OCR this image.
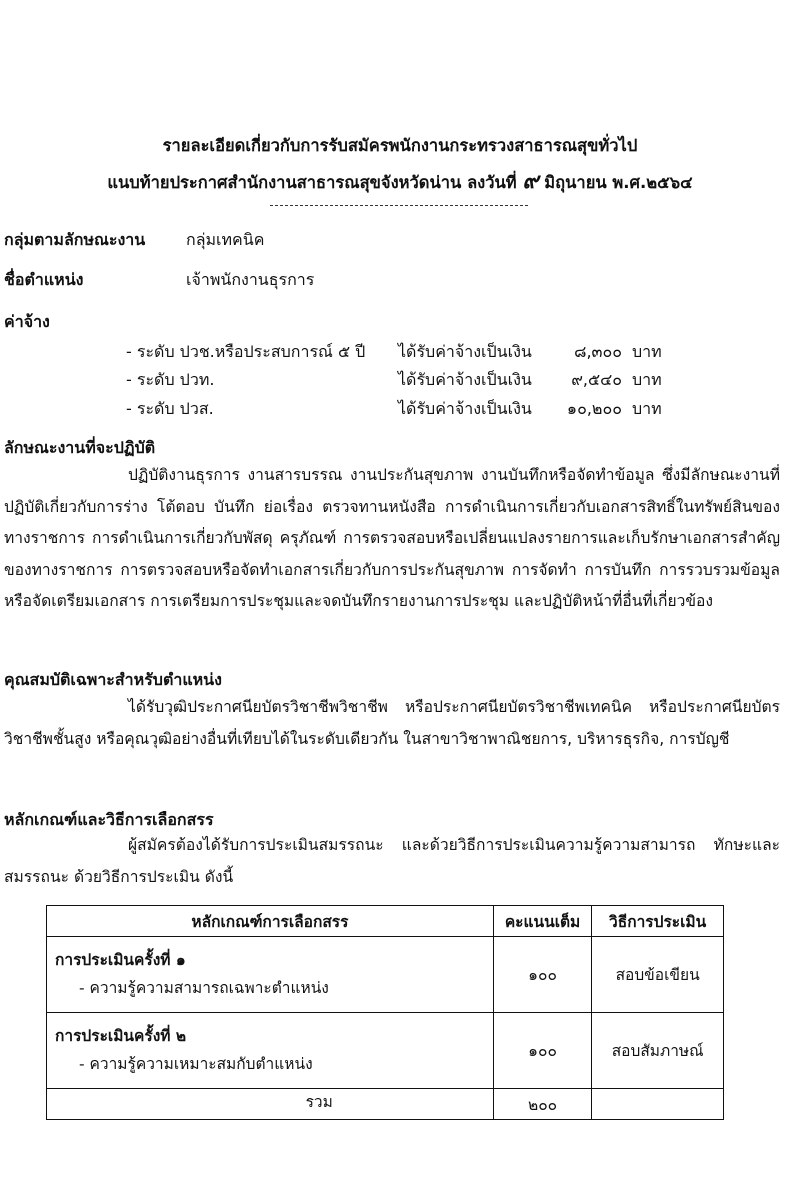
รายละเอียดเกี่ยวกับการรับสมัครพนักงานกระทรวงสาธารณสุขทั่วไป
แนบท้ายประกาศสำนักงานสาธารณสุขจังหวัดน่าน ลงวันที่ ๙ มิถุนายน พ.ศ.๒๕๖๔
กลุ่มตามลักษณะงาน	กลุ่มเทคนิค
ชื่อตำแหน่ง	เจ้าพนักงานธุรการ
ค่าจ้าง
- ระดับ ปวช.หรือประสบการณ์ ๕ ปี ได้รับค่าจ้างเป็นเงิน	๘,๓๐๐ บาท
- ระดับ ปวท.	ได้รับค่าจ้างเป็นเงิน	๙,๕๔๐ บาท
- ระดับ ปวส.	ได้รับค่าจ้างเป็นเงิน	๑๐,๒๐๐ บาท
ลักษณะงานที่จะปฏิบัติ

ปฏิบัติงานธุรการ งานสารบรรณ งานประกันสุขภาพ งานบันทึกหรือจัดทำข้อมูล ซึ่งมีลักษณะงานที่ปฏิบัติเกี่ยวกับการร่าง โต้ตอบ บันทึก ย่อเรื่อง ตรวจทานหนังสือ การดำเนินการเกี่ยวกับเอกสารสิทธิ์ในทรัพย์สินของทางราชการ การดำเนินการเกี่ยวกับพัสดุ ครุภัณฑ์ การตรวจสอบหรือเปลี่ยนแปลงรายการและเก็บรักษาเอกสารสำคัญของทางราชการ การตรวจสอบหรือจัดทำเอกสารเกี่ยวกับการประกันสุขภาพ การจัดทำ การบันทึก การรวบรวมข้อมูลหรือจัดเตรียมเอกสาร การเตรียมการประชุมและจดบันทึกรายงานการประชุม และปฏิบัติหน้าที่อื่นที่เกี่ยวข้อง

คุณสมบัติเฉพาะสำหรับตำแหน่ง

ได้รับวุฒิประกาศนียบัตรวิชาชีพวิชาชีพ หรือประกาศนียบัตรวิชาชีพเทคนิค หรือประกาศนียบัตรวิชาชีพชั้นสูง หรือคุณวุฒิอย่างอื่นที่เทียบได้ในระดับเดียวกัน ในสาขาวิชาพาณิชยการ, บริหารธุรกิจ, การบัญชี

หลักเกณฑ์และวิธีการเลือกสรร

ผู้สมัครต้องได้รับการประเมินสมรรถนะ และด้วยวิธีการประเมินความรู้ความสามารถ ทักษะและสมรรถนะ ด้วยวิธีการประเมิน ดังนี้

หลักเกณฑ์การเลือกสรร	คะแนนเต็ม	วิธีการประเมิน

การประเมินครั้งที่ ๑
- ความรู้ความสามารถเฉพาะตำแหน่ง	๑๐๐	สอบข้อเขียน

การประเมินครั้งที่ ๒
- ความรู้ความเหมาะสมกับตำแหน่ง	๑๐๐	สอบสัมภาษณ์
รวม	๒๐๐	
